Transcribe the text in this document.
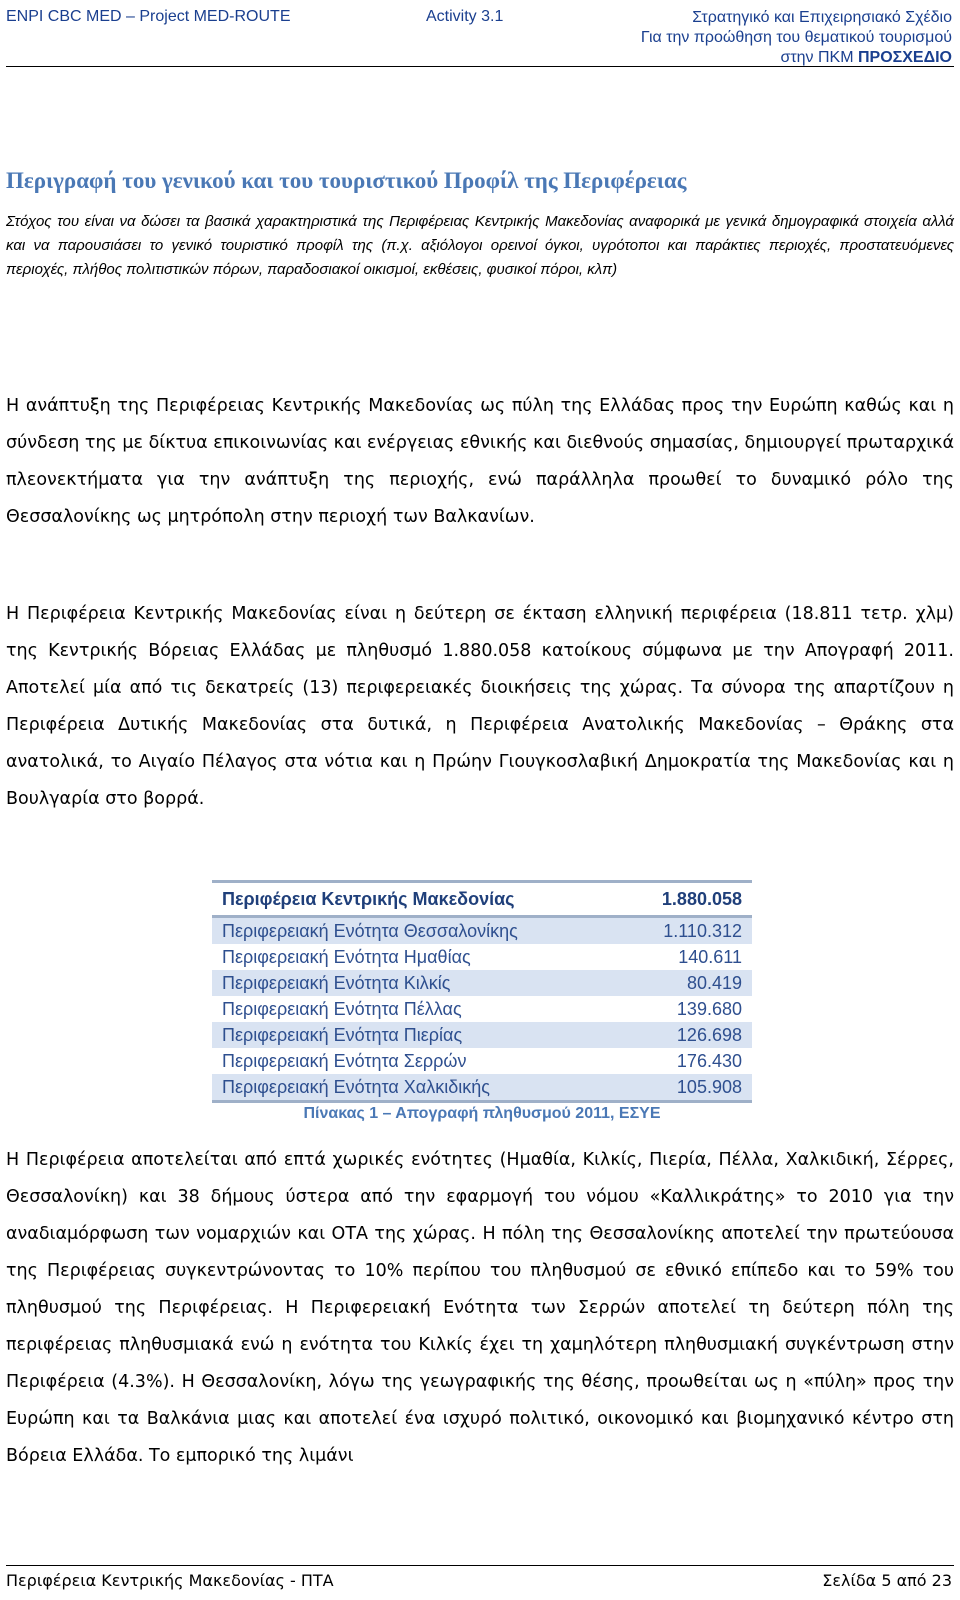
ENPI CBC MED – Project MED-ROUTE	Activity 3.1	Στρατηγικό και Επιχειρησιακό Σχέδιο
Για την προώθηση του θεματικού τουρισμού
στην ΠΚΜ ΠΡΟΣΧΕΔΙΟ
Περιγραφή του γενικού και του τουριστικού Προφίλ της Περιφέρειας
Στόχος του είναι να δώσει τα βασικά χαρακτηριστικά της Περιφέρειας Κεντρικής Μακεδονίας αναφορικά με γενικά δημογραφικά στοιχεία αλλά και να παρουσιάσει το γενικό τουριστικό προφίλ της (π.χ. αξιόλογοι ορεινοί όγκοι, υγρότοποι και παράκτιες περιοχές, προστατευόμενες περιοχές, πλήθος πολιτιστικών πόρων, παραδοσιακοί οικισμοί, εκθέσεις, φυσικοί πόροι, κλπ)
Η ανάπτυξη της Περιφέρειας Κεντρικής Μακεδονίας ως πύλη της Ελλάδας προς την Ευρώπη καθώς και η σύνδεση της με δίκτυα επικοινωνίας και ενέργειας εθνικής και διεθνούς σημασίας, δημιουργεί πρωταρχικά πλεονεκτήματα για την ανάπτυξη της περιοχής, ενώ παράλληλα προωθεί το δυναμικό ρόλο της Θεσσαλονίκης ως μητρόπολη στην περιοχή των Βαλκανίων.
Η Περιφέρεια Κεντρικής Μακεδονίας είναι η δεύτερη σε έκταση ελληνική περιφέρεια (18.811 τετρ. χλμ) της Κεντρικής Βόρειας Ελλάδας με πληθυσμό 1.880.058 κατοίκους σύμφωνα με την Απογραφή 2011. Αποτελεί μία από τις δεκατρείς (13) περιφερειακές διοικήσεις της χώρας. Τα σύνορα της απαρτίζουν η Περιφέρεια Δυτικής Μακεδονίας στα δυτικά, η Περιφέρεια Ανατολικής Μακεδονίας – Θράκης στα ανατολικά, το Αιγαίο Πέλαγος στα νότια και η Πρώην Γιουγκοσλαβική Δημοκρατία της Μακεδονίας και η Βουλγαρία στο βορρά.
Περιφέρεια Κεντρικής Μακεδονίας	1.880.058
Περιφερειακή Ενότητα Θεσσαλονίκης	1.110.312
Περιφερειακή Ενότητα Ημαθίας	140.611
Περιφερειακή Ενότητα Κιλκίς	80.419
Περιφερειακή Ενότητα Πέλλας	139.680
Περιφερειακή Ενότητα Πιερίας	126.698
Περιφερειακή Ενότητα Σερρών	176.430
Περιφερειακή Ενότητα Χαλκιδικής	105.908
Πίνακας 1 – Απογραφή πληθυσμού 2011, ΕΣΥΕ
Η Περιφέρεια αποτελείται από επτά χωρικές ενότητες (Ημαθία, Κιλκίς, Πιερία, Πέλλα, Χαλκιδική, Σέρρες, Θεσσαλονίκη) και 38 δήμους ύστερα από την εφαρμογή του νόμου «Καλλικράτης» το 2010 για την αναδιαμόρφωση των νομαρχιών και ΟΤΑ της χώρας. Η πόλη της Θεσσαλονίκης αποτελεί την πρωτεύουσα της Περιφέρειας συγκεντρώνοντας το 10% περίπου του πληθυσμού σε εθνικό επίπεδο και το 59% του πληθυσμού της Περιφέρειας. Η Περιφερειακή Ενότητα των Σερρών αποτελεί τη δεύτερη πόλη της περιφέρειας πληθυσμιακά ενώ η ενότητα του Κιλκίς έχει τη χαμηλότερη πληθυσμιακή συγκέντρωση στην Περιφέρεια (4.3%). Η Θεσσαλονίκη, λόγω της γεωγραφικής της θέσης, προωθείται ως η «πύλη» προς την Ευρώπη και τα Βαλκάνια μιας και αποτελεί ένα ισχυρό πολιτικό, οικονομικό και βιομηχανικό κέντρο στη Βόρεια Ελλάδα. Το εμπορικό της λιμάνι
Περιφέρεια Κεντρικής Μακεδονίας - ΠΤΑ	Σελίδα 5 από 23
